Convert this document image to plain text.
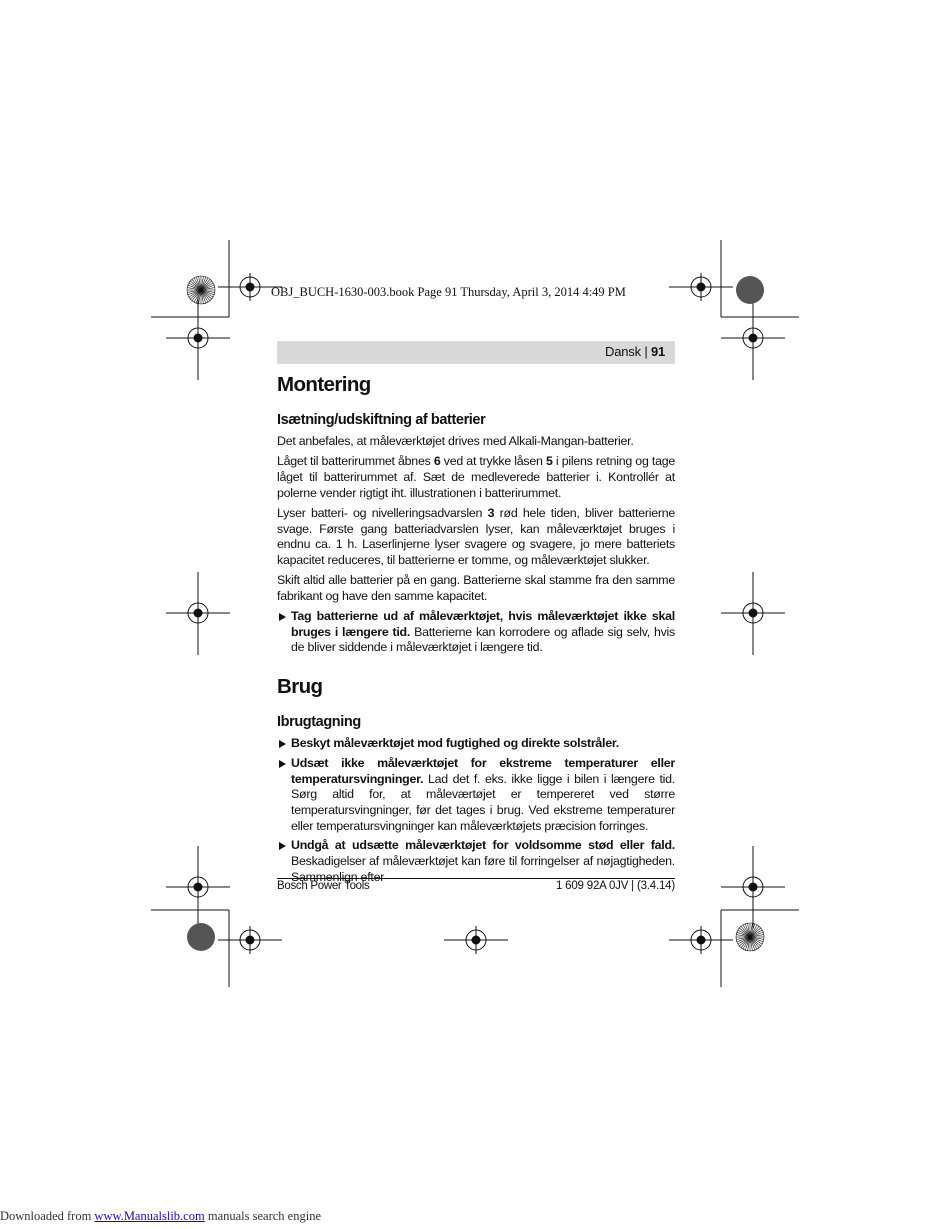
OBJ_BUCH-1630-003.book Page 91 Thursday, April 3, 2014 4:49 PM
Dansk | 91
Montering
Isætning/udskiftning af batterier

Det anbefales, at måleværktøjet drives med Alkali-Mangan-batterier.

Låget til batterirummet åbnes 6 ved at trykke låsen 5 i pilens retning og tage låget til batterirummet af. Sæt de medleverede batterier i. Kontrollér at polerne vender rigtigt iht. illustrationen i batterirummet.

Lyser batteri- og nivelleringsadvarslen 3 rød hele tiden, bliver batterierne svage. Første gang batteriadvarslen lyser, kan måleværktøjet bruges i endnu ca. 1 h. Laserlinjerne lyser svagere og svagere, jo mere batteriets kapacitet reduceres, til batterierne er tomme, og måleværktøjet slukker.

Skift altid alle batterier på en gang. Batterierne skal stamme fra den samme fabrikant og have den samme kapacitet.

Tag batterierne ud af måleværktøjet, hvis måleværktøjet ikke skal bruges i længere tid. Batterierne kan korrodere og aflade sig selv, hvis de bliver siddende i måleværktøjet i længere tid.
Brug
Ibrugtagning
Beskyt måleværktøjet mod fugtighed og direkte solstråler.
Udsæt ikke måleværktøjet for ekstreme temperaturer eller temperatursvingninger. Lad det f. eks. ikke ligge i bilen i længere tid. Sørg altid for, at måleværtøjet er tempereret ved større temperatursvingninger, før det tages i brug. Ved ekstreme temperaturer eller temperatursvingninger kan måleværktøjets præcision forringes.
Undgå at udsætte måleværktøjet for voldsomme stød eller fald. Beskadigelser af måleværktøjet kan føre til forringelser af nøjagtigheden. Sammenlign efter
Bosch Power Tools	1 609 92A 0JV | (3.4.14)
Downloaded from www.Manualslib.com manuals search engine
